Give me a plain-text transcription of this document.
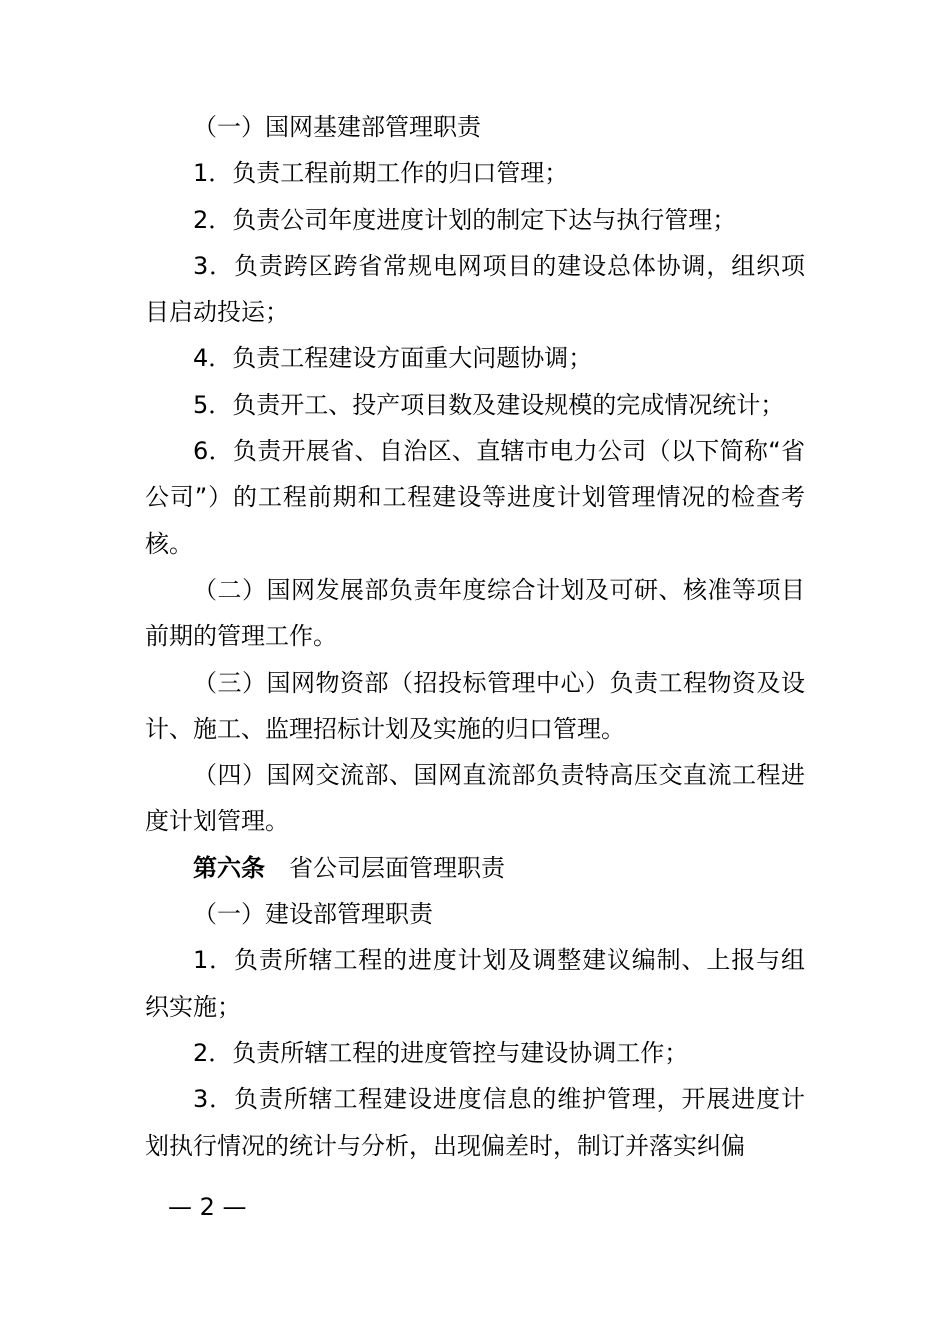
（一）国网基建部管理职责

1．负责工程前期工作的归口管理；

2．负责公司年度进度计划的制定下达与执行管理；

3．负责跨区跨省常规电网项目的建设总体协调，组织项目启动投运；

4．负责工程建设方面重大问题协调；

5．负责开工、投产项目数及建设规模的完成情况统计；

6．负责开展省、自治区、直辖市电力公司（以下简称“省公司”）的工程前期和工程建设等进度计划管理情况的检查考核。

（二）国网发展部负责年度综合计划及可研、核准等项目前期的管理工作。

（三）国网物资部（招投标管理中心）负责工程物资及设计、施工、监理招标计划及实施的归口管理。

（四）国网交流部、国网直流部负责特高压交直流工程进度计划管理。

第六条　省公司层面管理职责

（一）建设部管理职责

1．负责所辖工程的进度计划及调整建议编制、上报与组织实施；

2．负责所辖工程的进度管控与建设协调工作；

3．负责所辖工程建设进度信息的维护管理，开展进度计划执行情况的统计与分析，出现偏差时，制订并落实纠偏

— 2 —
